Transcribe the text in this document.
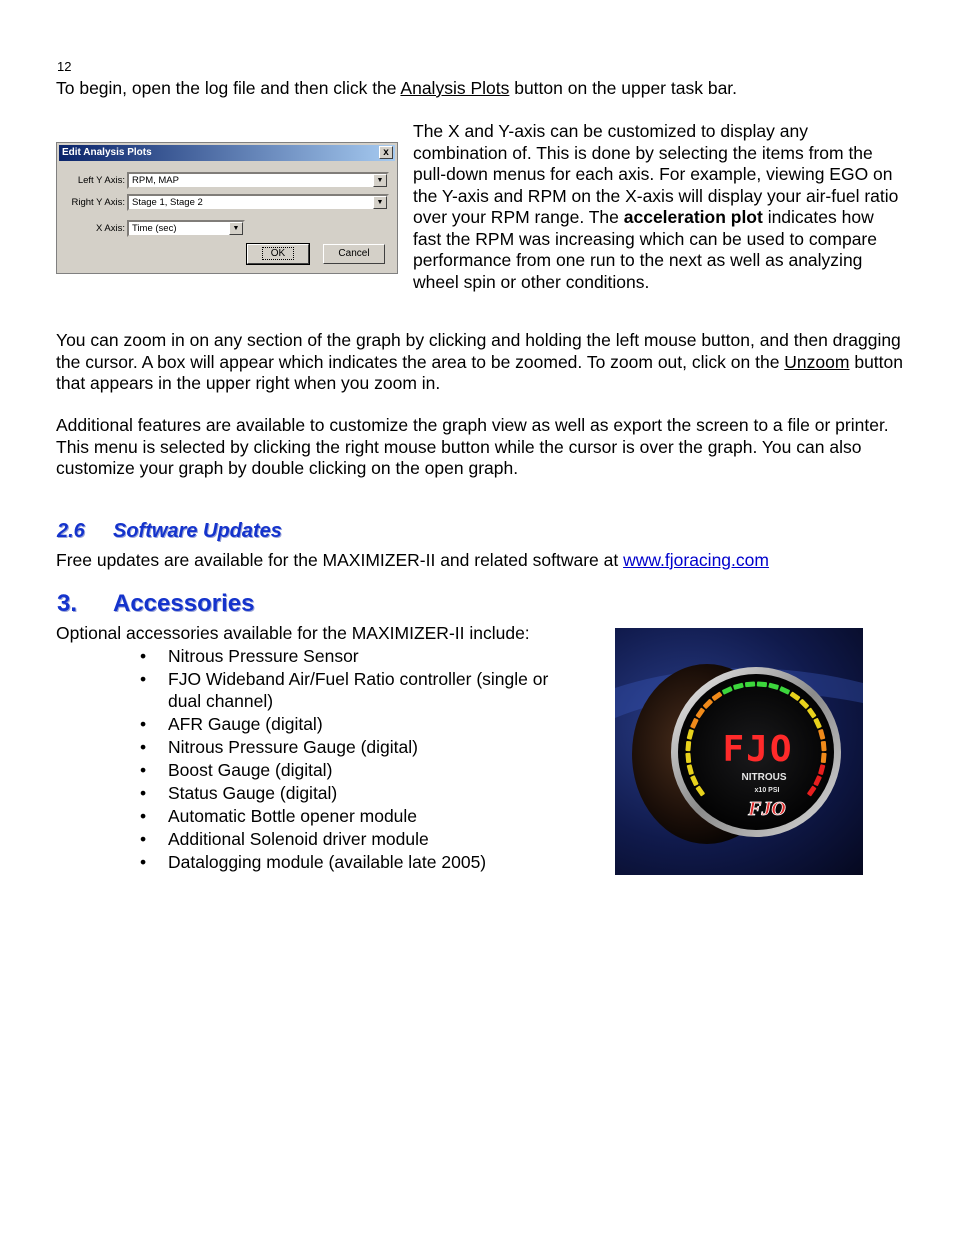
12

To begin, open the log file and then click the Analysis Plots button on the upper task bar.

Edit Analysis Plots	x
Left Y Axis: RPM, MAP	▼
Right Y Axis: Stage 1, Stage 2	▼
X Axis: Time (sec)	▼
OK	Cancel

The X and Y-axis can be customized to display any combination of. This is done by selecting the items from the pull-down menus for each axis. For example, viewing EGO on the Y-axis and RPM on the X-axis will display your air-fuel ratio over your RPM range. The acceleration plot indicates how fast the RPM was increasing which can be used to compare performance from one run to the next as well as analyzing wheel spin or other conditions.

You can zoom in on any section of the graph by clicking and holding the left mouse button, and then dragging the cursor. A box will appear which indicates the area to be zoomed. To zoom out, click on the Unzoom button that appears in the upper right when you zoom in.

Additional features are available to customize the graph view as well as export the screen to a file or printer. This menu is selected by clicking the right mouse button while the cursor is over the graph. You can also customize your graph by double clicking on the open graph.

2.6 Software Updates

Free updates are available for the MAXIMIZER-II and related software at www.fjoracing.com

3. Accessories

Optional accessories available for the MAXIMIZER-II include:

• Nitrous Pressure Sensor
• FJO Wideband Air/Fuel Ratio controller (single or dual channel)
• AFR Gauge (digital)
• Nitrous Pressure Gauge (digital)
• Boost Gauge (digital)
• Status Gauge (digital)
• Automatic Bottle opener module
• Additional Solenoid driver module
• Datalogging module (available late 2005)
FJO
NITROUS
x10 PSI
FJO
